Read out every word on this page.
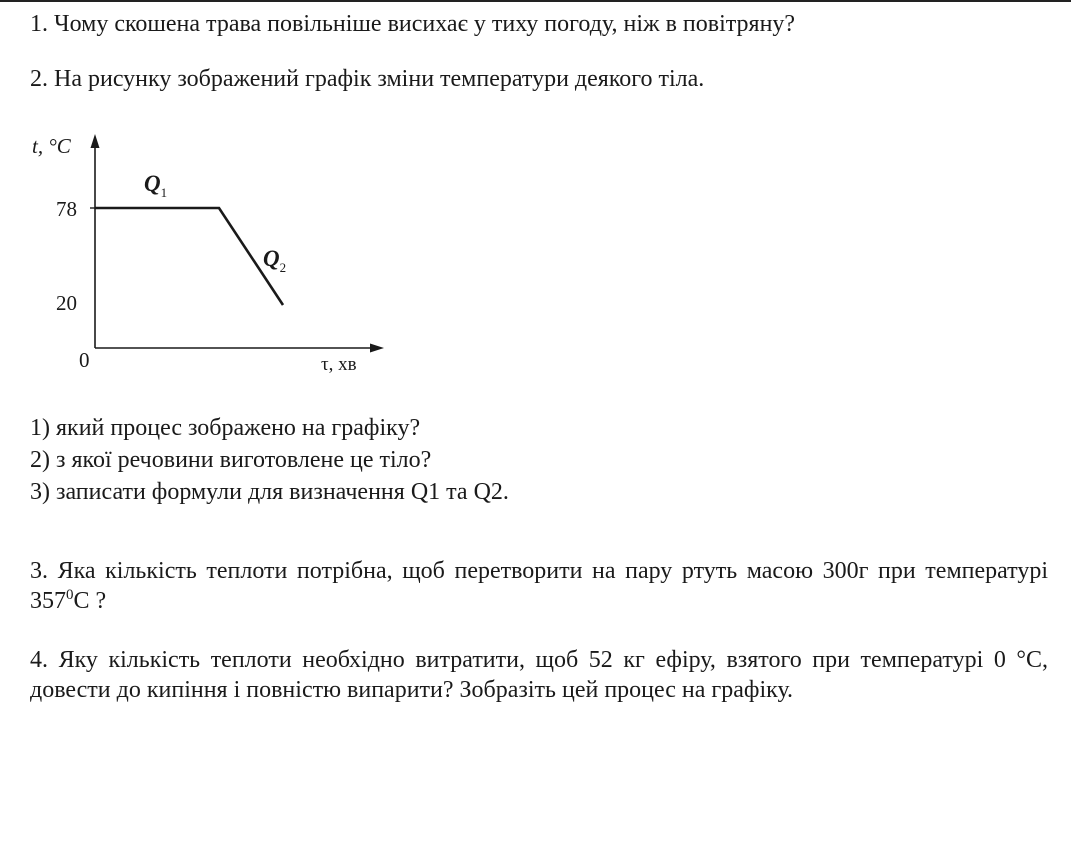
1. Чому скошена трава повільніше висихає у тиху погоду, ніж в повітряну?
2. На рисунку зображений графік зміни температури деякого тіла.
t, °C
τ, хв
0
78
20
$Q_1$
$Q_2$
1) який процес зображено на графіку?
2) з якої речовини виготовлене це тіло?
3) записати формули для визначення Q1 та Q2.
3. Яка кількість теплоти потрібна, щоб перетворити на пару ртуть масою 300г при температурі $357^0С$ ?
4. Яку кількість теплоти необхідно витратити, щоб 52 кг ефіру, взятого при температурі 0 °С, довести до кипіння і повністю випарити? Зобразіть цей процес на графіку.
